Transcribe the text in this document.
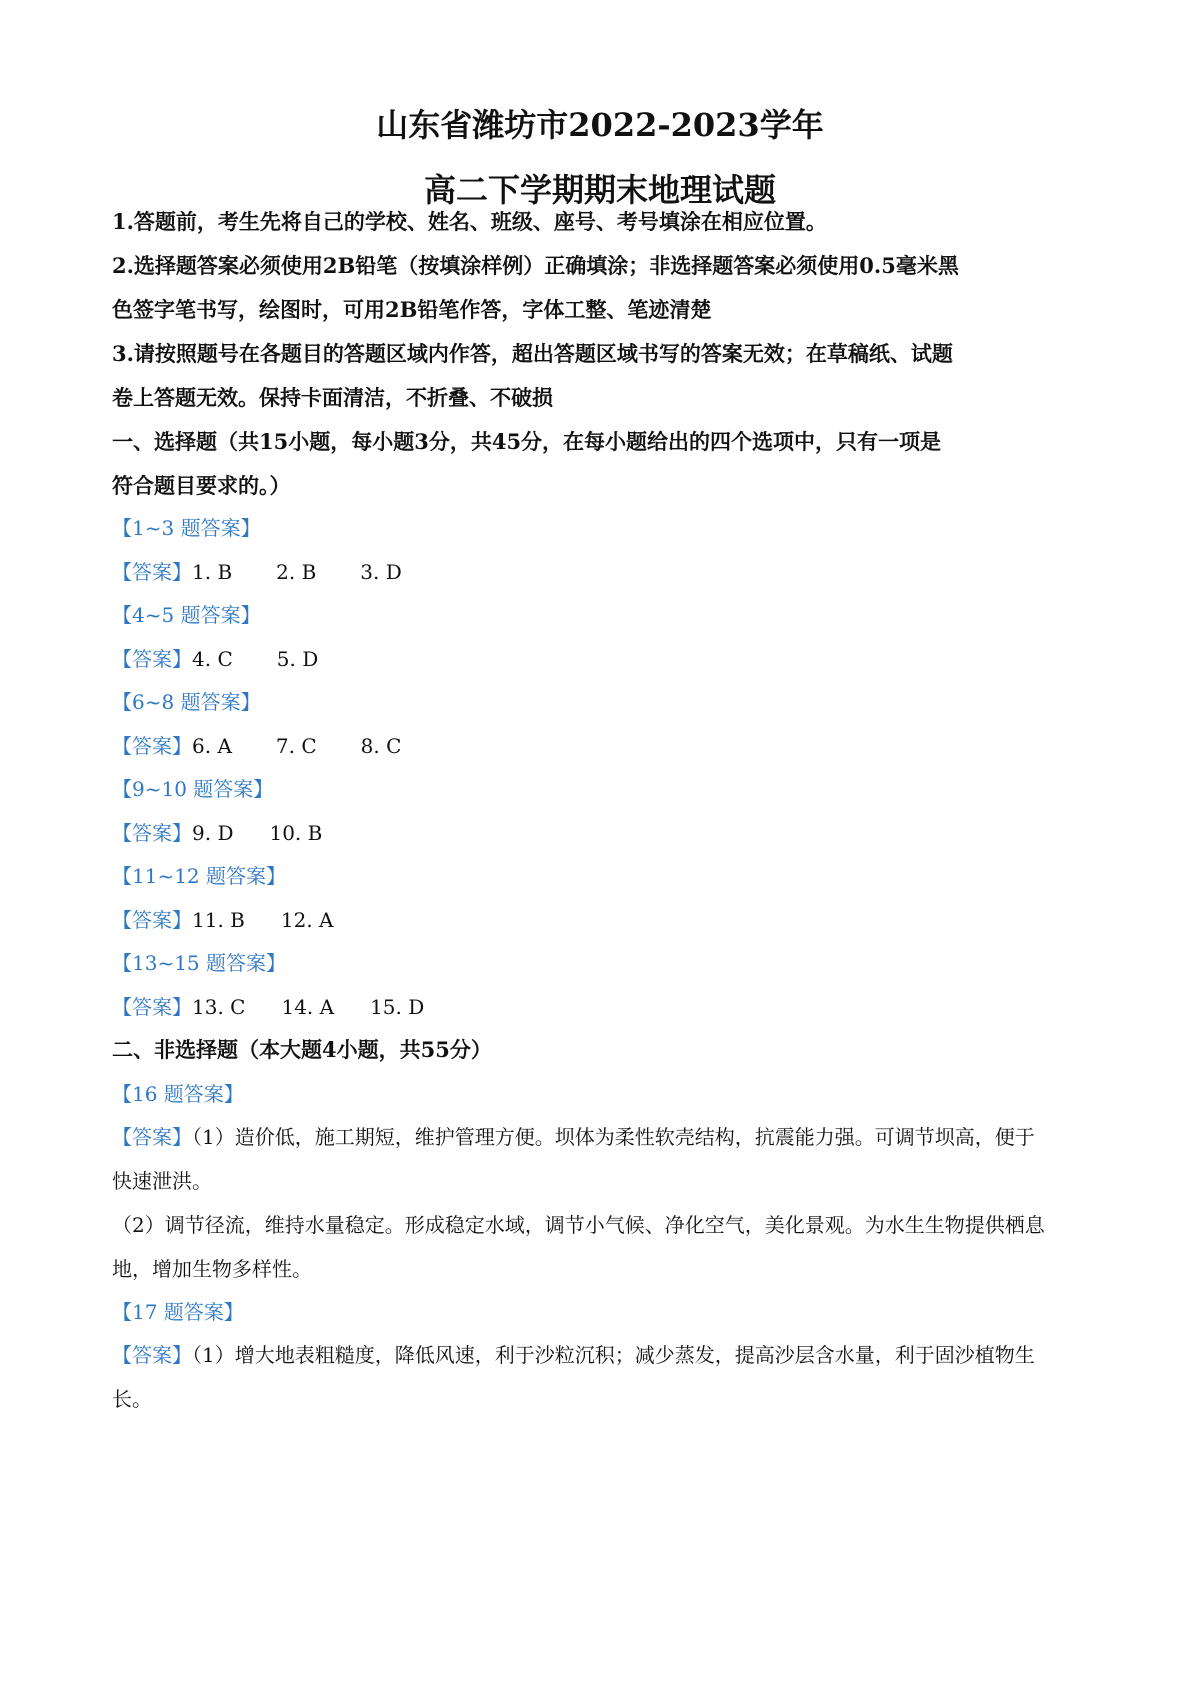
山东省潍坊市2022-2023学年
高二下学期期末地理试题
1.答题前，考生先将自己的学校、姓名、班级、座号、考号填涂在相应位置。
2.选择题答案必须使用2B铅笔（按填涂样例）正确填涂；非选择题答案必须使用0.5毫米黑
色签字笔书写，绘图时，可用2B铅笔作答，字体工整、笔迹清楚
3.请按照题号在各题目的答题区域内作答，超出答题区域书写的答案无效；在草稿纸、试题
卷上答题无效。保持卡面清洁，不折叠、不破损
一、选择题（共15小题，每小题3分，共45分，在每小题给出的四个选项中，只有一项是
符合题目要求的。）
【1~3 题答案】
【答案】1. B 2. B 3. D
【4~5 题答案】
【答案】4. C 5. D
【6~8 题答案】
【答案】6. A 7. C 8. C
【9~10 题答案】
【答案】9. D 10. B
【11~12 题答案】
【答案】11. B 12. A
【13~15 题答案】
【答案】13. C 14. A 15. D
二、非选择题（本大题4小题，共55分）
【16 题答案】
【答案】（1）造价低，施工期短，维护管理方便。坝体为柔性软壳结构，抗震能力强。可调节坝高，便于
快速泄洪。
（2）调节径流，维持水量稳定。形成稳定水域，调节小气候、净化空气，美化景观。为水生生物提供栖息
地，增加生物多样性。
【17 题答案】
【答案】（1）增大地表粗糙度，降低风速，利于沙粒沉积；减少蒸发，提高沙层含水量，利于固沙植物生
长。
